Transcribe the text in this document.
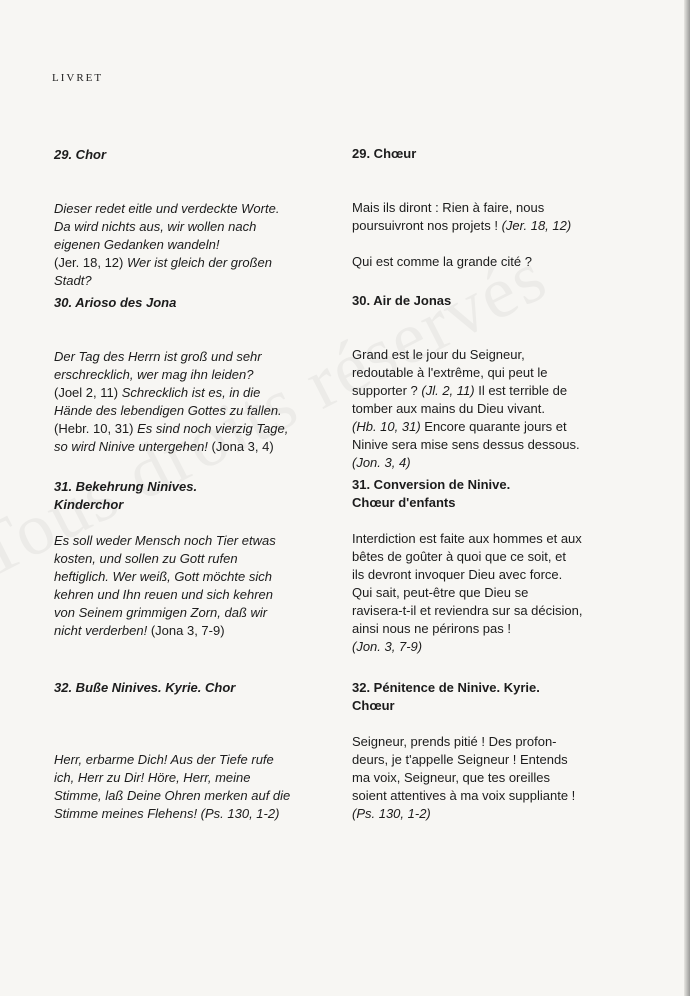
LIVRET

29. Chor

Dieser redet eitle und verdeckte Worte.

Da wird nichts aus, wir wollen nach

eigenen Gedanken wandeln!

(Jer. 18, 12) Wer ist gleich der großen

Stadt?

30. Arioso des Jona

Der Tag des Herrn ist groß und sehr

erschrecklich, wer mag ihn leiden?

(Joel 2, 11) Schrecklich ist es, in die

Hände des lebendigen Gottes zu fallen.

(Hebr. 10, 31) Es sind noch vierzig Tage,

so wird Ninive untergehen! (Jona 3, 4)

31. Bekehrung Ninives.

Kinderchor

Es soll weder Mensch noch Tier etwas

kosten, und sollen zu Gott rufen

heftiglich. Wer weiß, Gott möchte sich

kehren und Ihn reuen und sich kehren

von Seinem grimmigen Zorn, daß wir

nicht verderben! (Jona 3, 7-9)

32. Buße Ninives. Kyrie. Chor

Herr, erbarme Dich! Aus der Tiefe rufe

ich, Herr zu Dir! Höre, Herr, meine

Stimme, laß Deine Ohren merken auf die

Stimme meines Flehens! (Ps. 130, 1-2)

29. Chœur

Mais ils diront : Rien à faire, nous

poursuivront nos projets ! (Jer. 18, 12)

Qui est comme la grande cité ?

30. Air de Jonas

Grand est le jour du Seigneur,

redoutable à l'extrême, qui peut le

supporter ? (Jl. 2, 11) Il est terrible de

tomber aux mains du Dieu vivant.

(Hb. 10, 31) Encore quarante jours et

Ninive sera mise sens dessus dessous.

(Jon. 3, 4)

31. Conversion de Ninive.

Chœur d'enfants

Interdiction est faite aux hommes et aux

bêtes de goûter à quoi que ce soit, et

ils devront invoquer Dieu avec force.

Qui sait, peut-être que Dieu se

ravisera-t-il et reviendra sur sa décision,

ainsi nous ne périrons pas !

(Jon. 3, 7-9)

32. Pénitence de Ninive. Kyrie.

Chœur

Seigneur, prends pitié ! Des profon-

deurs, je t'appelle Seigneur ! Entends

ma voix, Seigneur, que tes oreilles

soient attentives à ma voix suppliante !

(Ps. 130, 1-2)
